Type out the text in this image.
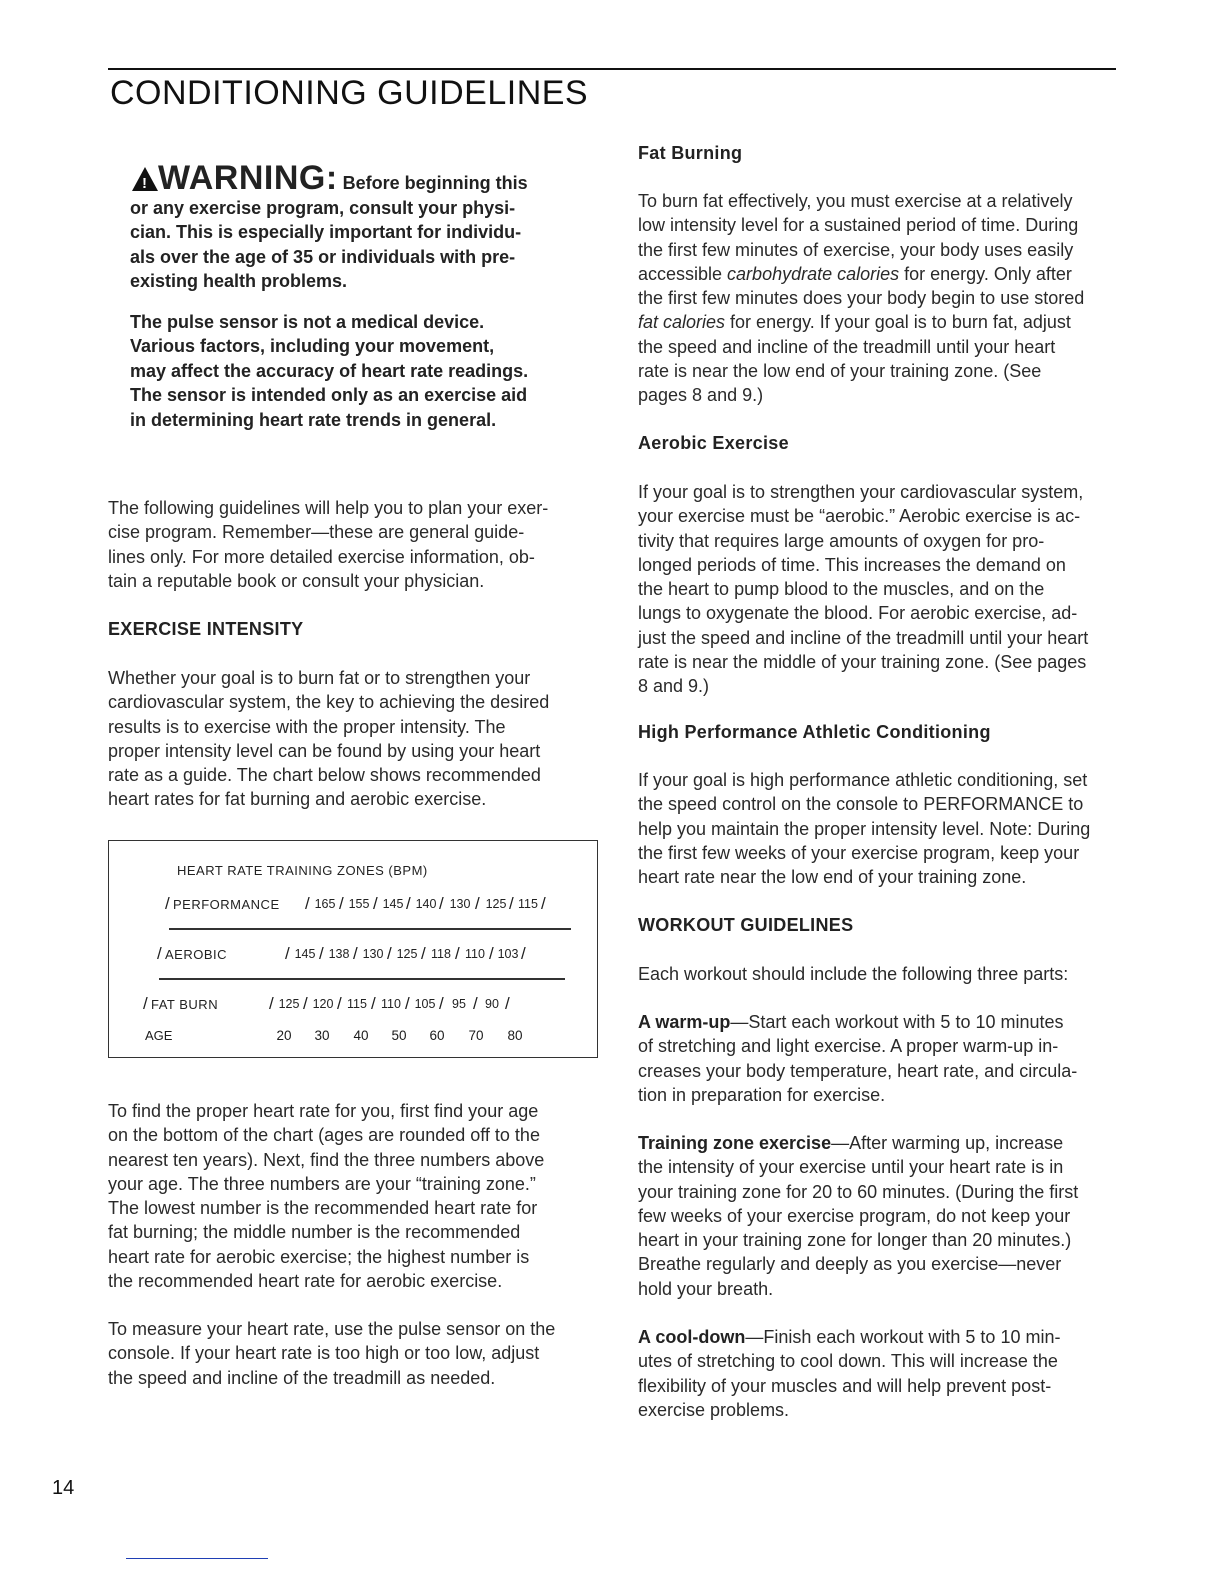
CONDITIONING GUIDELINES
!WARNING: Before beginning this

or any exercise program, consult your physi-
cian. This is especially important for individu-
als over the age of 35 or individuals with pre-
existing health problems.

The pulse sensor is not a medical device.
Various factors, including your movement,
may affect the accuracy of heart rate readings.
The sensor is intended only as an exercise aid
in determining heart rate trends in general.

The following guidelines will help you to plan your exer-
cise program. Remember—these are general guide-
lines only. For more detailed exercise information, ob-
tain a reputable book or consult your physician.

EXERCISE INTENSITY

Whether your goal is to burn fat or to strengthen your
cardiovascular system, the key to achieving the desired
results is to exercise with the proper intensity. The
proper intensity level can be found by using your heart
rate as a guide. The chart below shows recommended
heart rates for fat burning and aerobic exercise.

HEART RATE TRAINING ZONES (BPM)
/ PERFORMANCE / 165 / 155 / 145 / 140 / 130 / 125 / 115 /
/ AEROBIC	/ 145 / 138 / 130 / 125 / 118 / 110 / 103 /
/ FAT BURN	/ 125 / 120 / 115 / 110 / 105 / 95 / 90 /
AGE	20	30	40	50	60	70	80

To find the proper heart rate for you, first find your age
on the bottom of the chart (ages are rounded off to the
nearest ten years). Next, find the three numbers above
your age. The three numbers are your “training zone.”
The lowest number is the recommended heart rate for
fat burning; the middle number is the recommended
heart rate for aerobic exercise; the highest number is
the recommended heart rate for aerobic exercise.

To measure your heart rate, use the pulse sensor on the
console. If your heart rate is too high or too low, adjust
the speed and incline of the treadmill as needed.

Fat Burning

To burn fat effectively, you must exercise at a relatively
low intensity level for a sustained period of time. During
the first few minutes of exercise, your body uses easily
accessible carbohydrate calories for energy. Only after
the first few minutes does your body begin to use stored
fat calories for energy. If your goal is to burn fat, adjust
the speed and incline of the treadmill until your heart
rate is near the low end of your training zone. (See
pages 8 and 9.)

Aerobic Exercise

If your goal is to strengthen your cardiovascular system,
your exercise must be “aerobic.” Aerobic exercise is ac-
tivity that requires large amounts of oxygen for pro-
longed periods of time. This increases the demand on
the heart to pump blood to the muscles, and on the
lungs to oxygenate the blood. For aerobic exercise, ad-
just the speed and incline of the treadmill until your heart
rate is near the middle of your training zone. (See pages
8 and 9.)

High Performance Athletic Conditioning

If your goal is high performance athletic conditioning, set
the speed control on the console to PERFORMANCE to
help you maintain the proper intensity level. Note: During
the first few weeks of your exercise program, keep your
heart rate near the low end of your training zone.

WORKOUT GUIDELINES

Each workout should include the following three parts:

A warm-up—Start each workout with 5 to 10 minutes
of stretching and light exercise. A proper warm-up in-
creases your body temperature, heart rate, and circula-
tion in preparation for exercise.

Training zone exercise—After warming up, increase
the intensity of your exercise until your heart rate is in
your training zone for 20 to 60 minutes. (During the first
few weeks of your exercise program, do not keep your
heart in your training zone for longer than 20 minutes.)
Breathe regularly and deeply as you exercise—never
hold your breath.

A cool-down—Finish each workout with 5 to 10 min-
utes of stretching to cool down. This will increase the
flexibility of your muscles and will help prevent post-
exercise problems.

14
